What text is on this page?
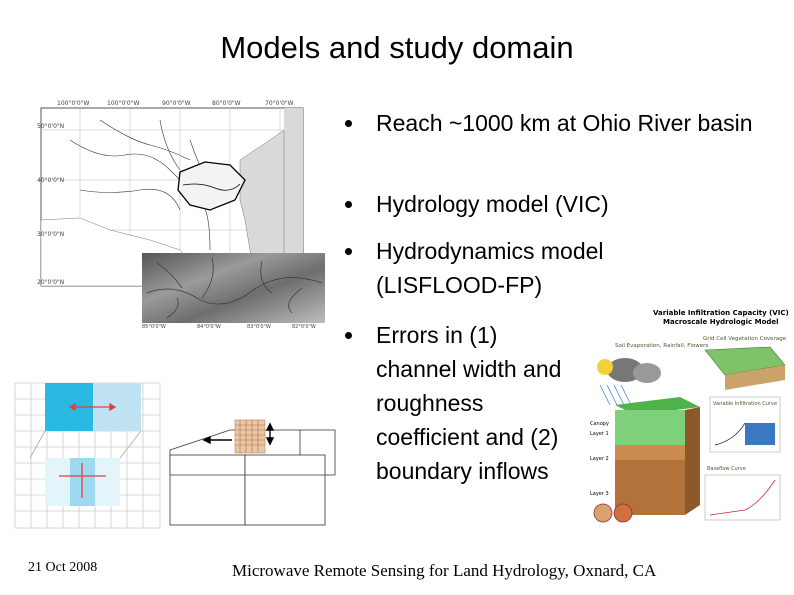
Models and study domain
100°0'0"W	100°0'0"W	90°0'0"W	80°0'0"W	70°0'0"W
50°0'0"N
40°0'0"N
30°0'0"N
20°0'0"N
85°0'0"W	84°0'0"W	83°0'0"W	82°0'0"W
Reach ~1000 km at Ohio River basin
Hydrology model (VIC)
Hydrodynamics model (LISFLOOD-FP)
Errors in (1) channel width and roughness coefficient and (2) boundary inflows
Variable Infiltration Capacity (VIC)
Macroscale Hydrologic Model
Grid Cell Vegetation Coverage
Soil Evaporation, Rainfall, Flowers
Canopy
Layer 1
Layer 2
Layer 3
Variable Infiltration Curve
Baseflow Curve
21 Oct 2008	Microwave Remote Sensing for Land Hydrology, Oxnard, CA
